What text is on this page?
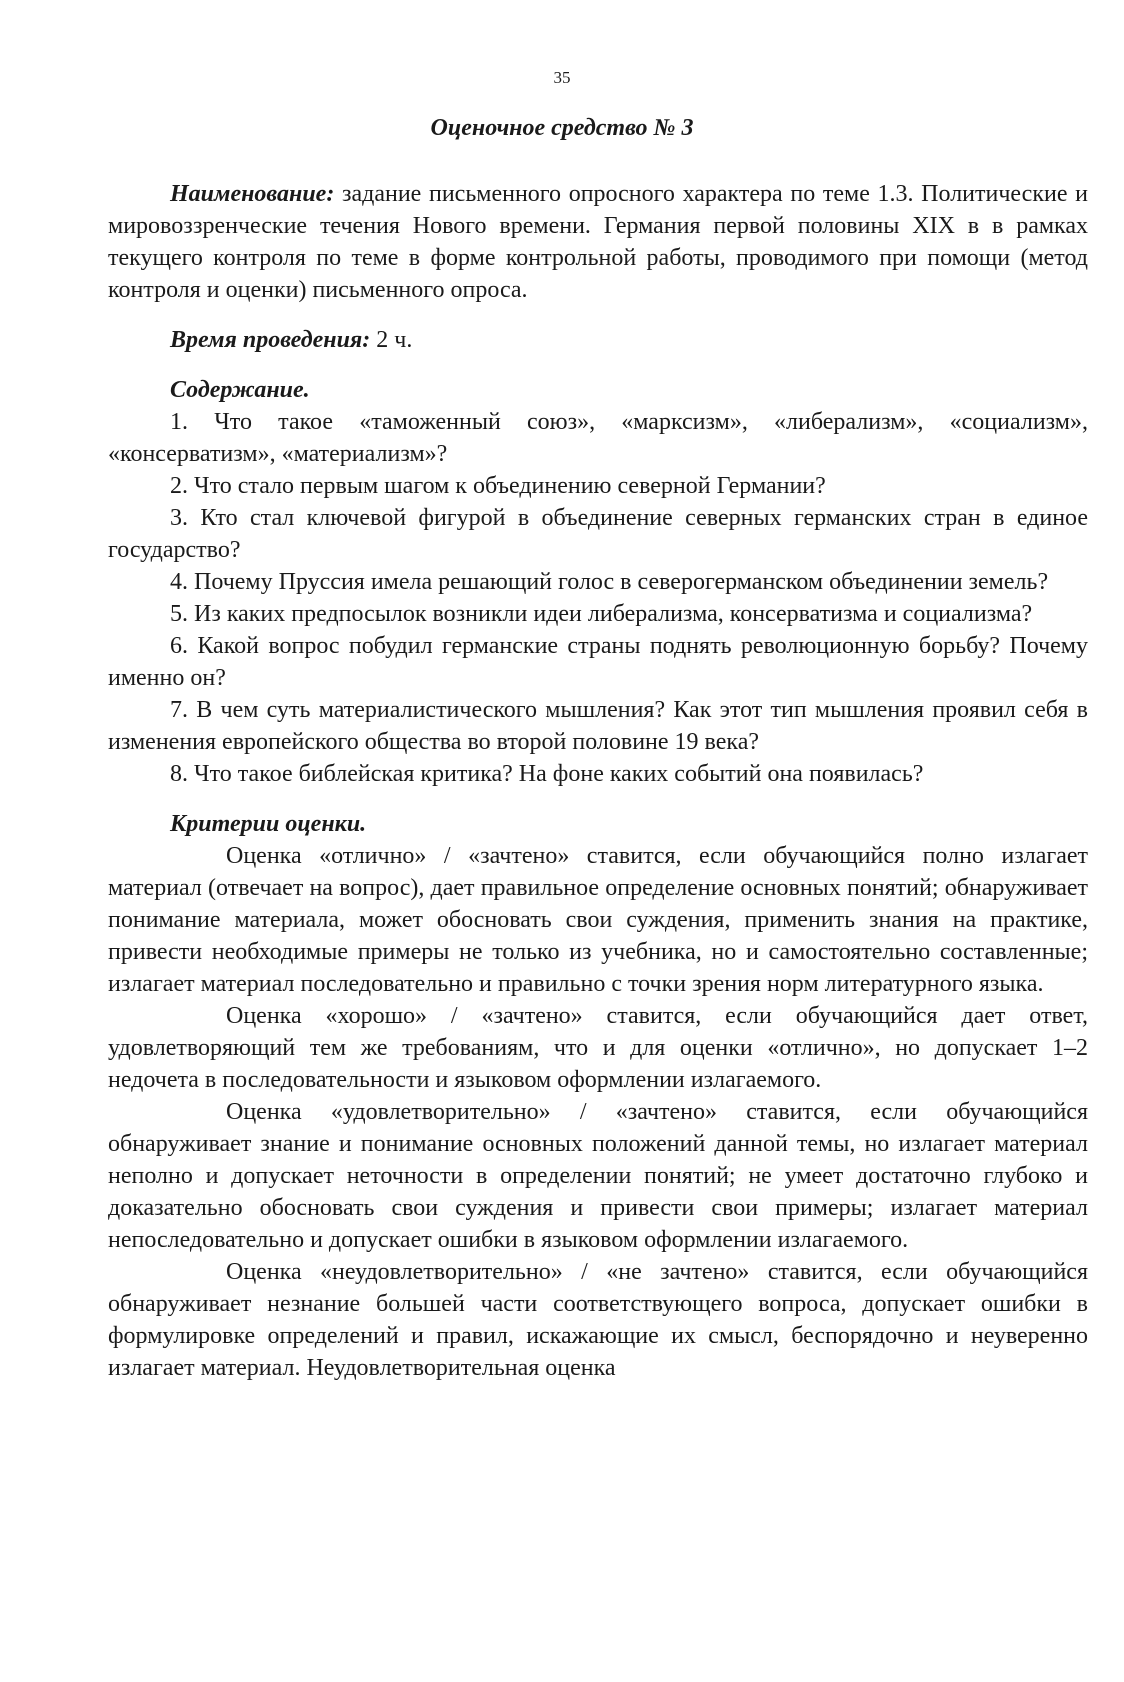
35
Оценочное средство № 3

Наименование: задание письменного опросного характера по теме 1.3. Политические и мировоззренческие течения Нового времени. Германия первой половины XIX в в рамках текущего контроля по теме в форме контрольной работы, проводимого при помощи (метод контроля и оценки) письменного опроса.

Время проведения: 2 ч.

Содержание.

1. Что такое «таможенный союз», «марксизм», «либерализм», «социализм», «консерватизм», «материализм»?
2. Что стало первым шагом к объединению северной Германии?
3. Кто стал ключевой фигурой в объединение северных германских стран в единое государство?
4. Почему Пруссия имела решающий голос в северогерманском объединении земель?
5. Из каких предпосылок возникли идеи либерализма, консерватизма и социализма?
6. Какой вопрос побудил германские страны поднять революционную борьбу? Почему именно он?
7. В чем суть материалистического мышления? Как этот тип мышления проявил себя в изменения европейского общества во второй половине 19 века?
8. Что такое библейская критика? На фоне каких событий она появилась?

Критерии оценки.

Оценка «отлично» / «зачтено» ставится, если обучающийся полно излагает материал (отвечает на вопрос), дает правильное определение основных понятий; обнаруживает понимание материала, может обосновать свои суждения, применить знания на практике, привести необходимые примеры не только из учебника, но и самостоятельно составленные; излагает материал последовательно и правильно с точки зрения норм литературного языка.

Оценка «хорошо» / «зачтено» ставится, если обучающийся дает ответ, удовлетворяющий тем же требованиям, что и для оценки «отлично», но допускает 1–2 недочета в последовательности и языковом оформлении излагаемого.

Оценка «удовлетворительно» / «зачтено» ставится, если обучающийся обнаруживает знание и понимание основных положений данной темы, но излагает материал неполно и допускает неточности в определении понятий; не умеет достаточно глубоко и доказательно обосновать свои суждения и привести свои примеры; излагает материал непоследовательно и допускает ошибки в языковом оформлении излагаемого.

Оценка «неудовлетворительно» / «не зачтено» ставится, если обучающийся обнаруживает незнание большей части соответствующего вопроса, допускает ошибки в формулировке определений и правил, искажающие их смысл, беспорядочно и неуверенно излагает материал. Неудовлетворительная оценка
